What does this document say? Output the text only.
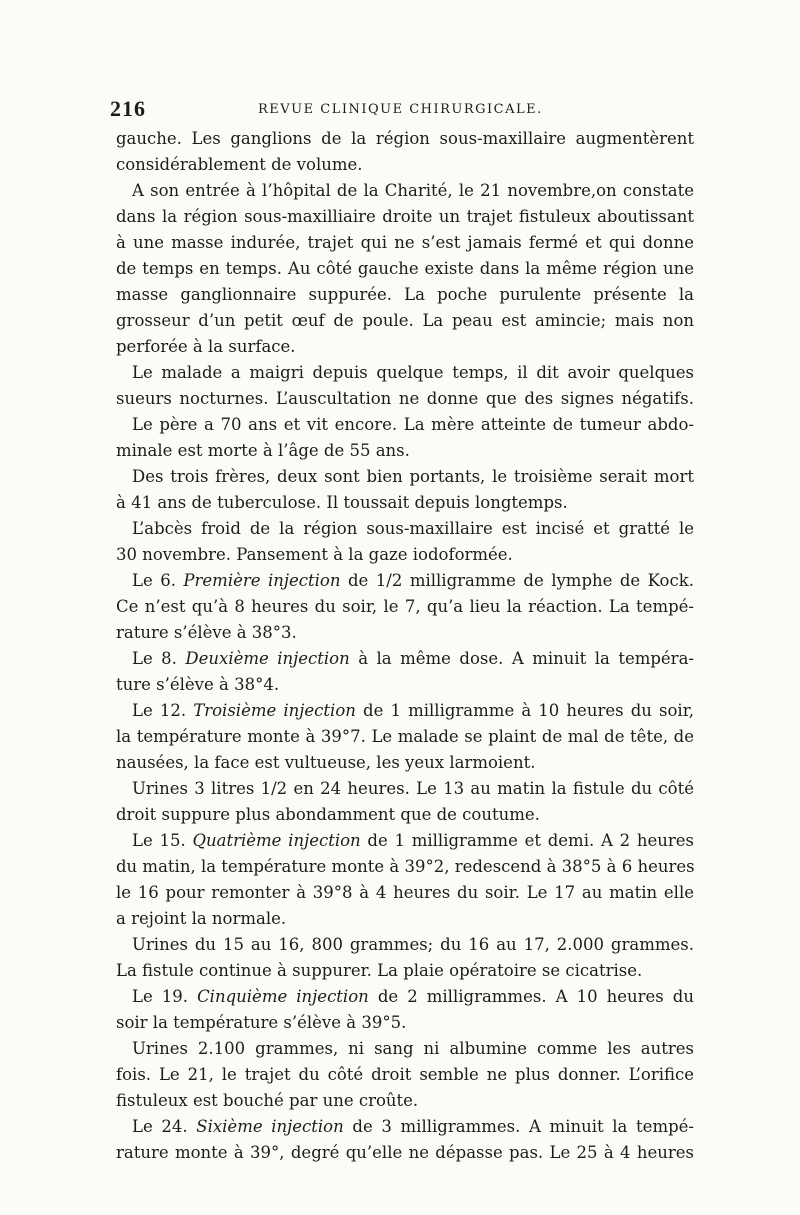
216	REVUE CLINIQUE CHIRURGICALE.
gauche. Les ganglions de la région sous-maxillaire augmentèrent
considérablement de volume.
A son entrée à l’hôpital de la Charité, le 21 novembre,on constate
dans la région sous-maxilliaire droite un trajet fistuleux aboutissant
à une masse indurée, trajet qui ne s’est jamais fermé et qui donne
de temps en temps. Au côté gauche existe dans la même région une
masse ganglionnaire suppurée. La poche purulente présente la
grosseur d’un petit œuf de poule. La peau est amincie; mais non
perforée à la surface.
Le malade a maigri depuis quelque temps, il dit avoir quelques
sueurs nocturnes. L’auscultation ne donne que des signes négatifs.
Le père a 70 ans et vit encore. La mère atteinte de tumeur abdo-
minale est morte à l’âge de 55 ans.
Des trois frères, deux sont bien portants, le troisième serait mort
à 41 ans de tuberculose. Il toussait depuis longtemps.
L’abcès froid de la région sous-maxillaire est incisé et gratté le
30 novembre. Pansement à la gaze iodoformée.
Le 6. Première injection de 1/2 milligramme de lymphe de Kock.
Ce n’est qu’à 8 heures du soir, le 7, qu’a lieu la réaction. La tempé-
rature s’élève à 38°3.
Le 8. Deuxième injection à la même dose. A minuit la tempéra-
ture s’élève à 38°4.
Le 12. Troisième injection de 1 milligramme à 10 heures du soir,
la température monte à 39°7. Le malade se plaint de mal de tête, de
nausées, la face est vultueuse, les yeux larmoient.
Urines 3 litres 1/2 en 24 heures. Le 13 au matin la fistule du côté
droit suppure plus abondamment que de coutume.
Le 15. Quatrième injection de 1 milligramme et demi. A 2 heures
du matin, la température monte à 39°2, redescend à 38°5 à 6 heures
le 16 pour remonter à 39°8 à 4 heures du soir. Le 17 au matin elle
a rejoint la normale.
Urines du 15 au 16, 800 grammes; du 16 au 17, 2.000 grammes.
La fistule continue à suppurer. La plaie opératoire se cicatrise.
Le 19. Cinquième injection de 2 milligrammes. A 10 heures du
soir la température s’élève à 39°5.
Urines 2.100 grammes, ni sang ni albumine comme les autres
fois. Le 21, le trajet du côté droit semble ne plus donner. L’orifice
fistuleux est bouché par une croûte.
Le 24. Sixième injection de 3 milligrammes. A minuit la tempé-
rature monte à 39°, degré qu’elle ne dépasse pas. Le 25 à 4 heures
